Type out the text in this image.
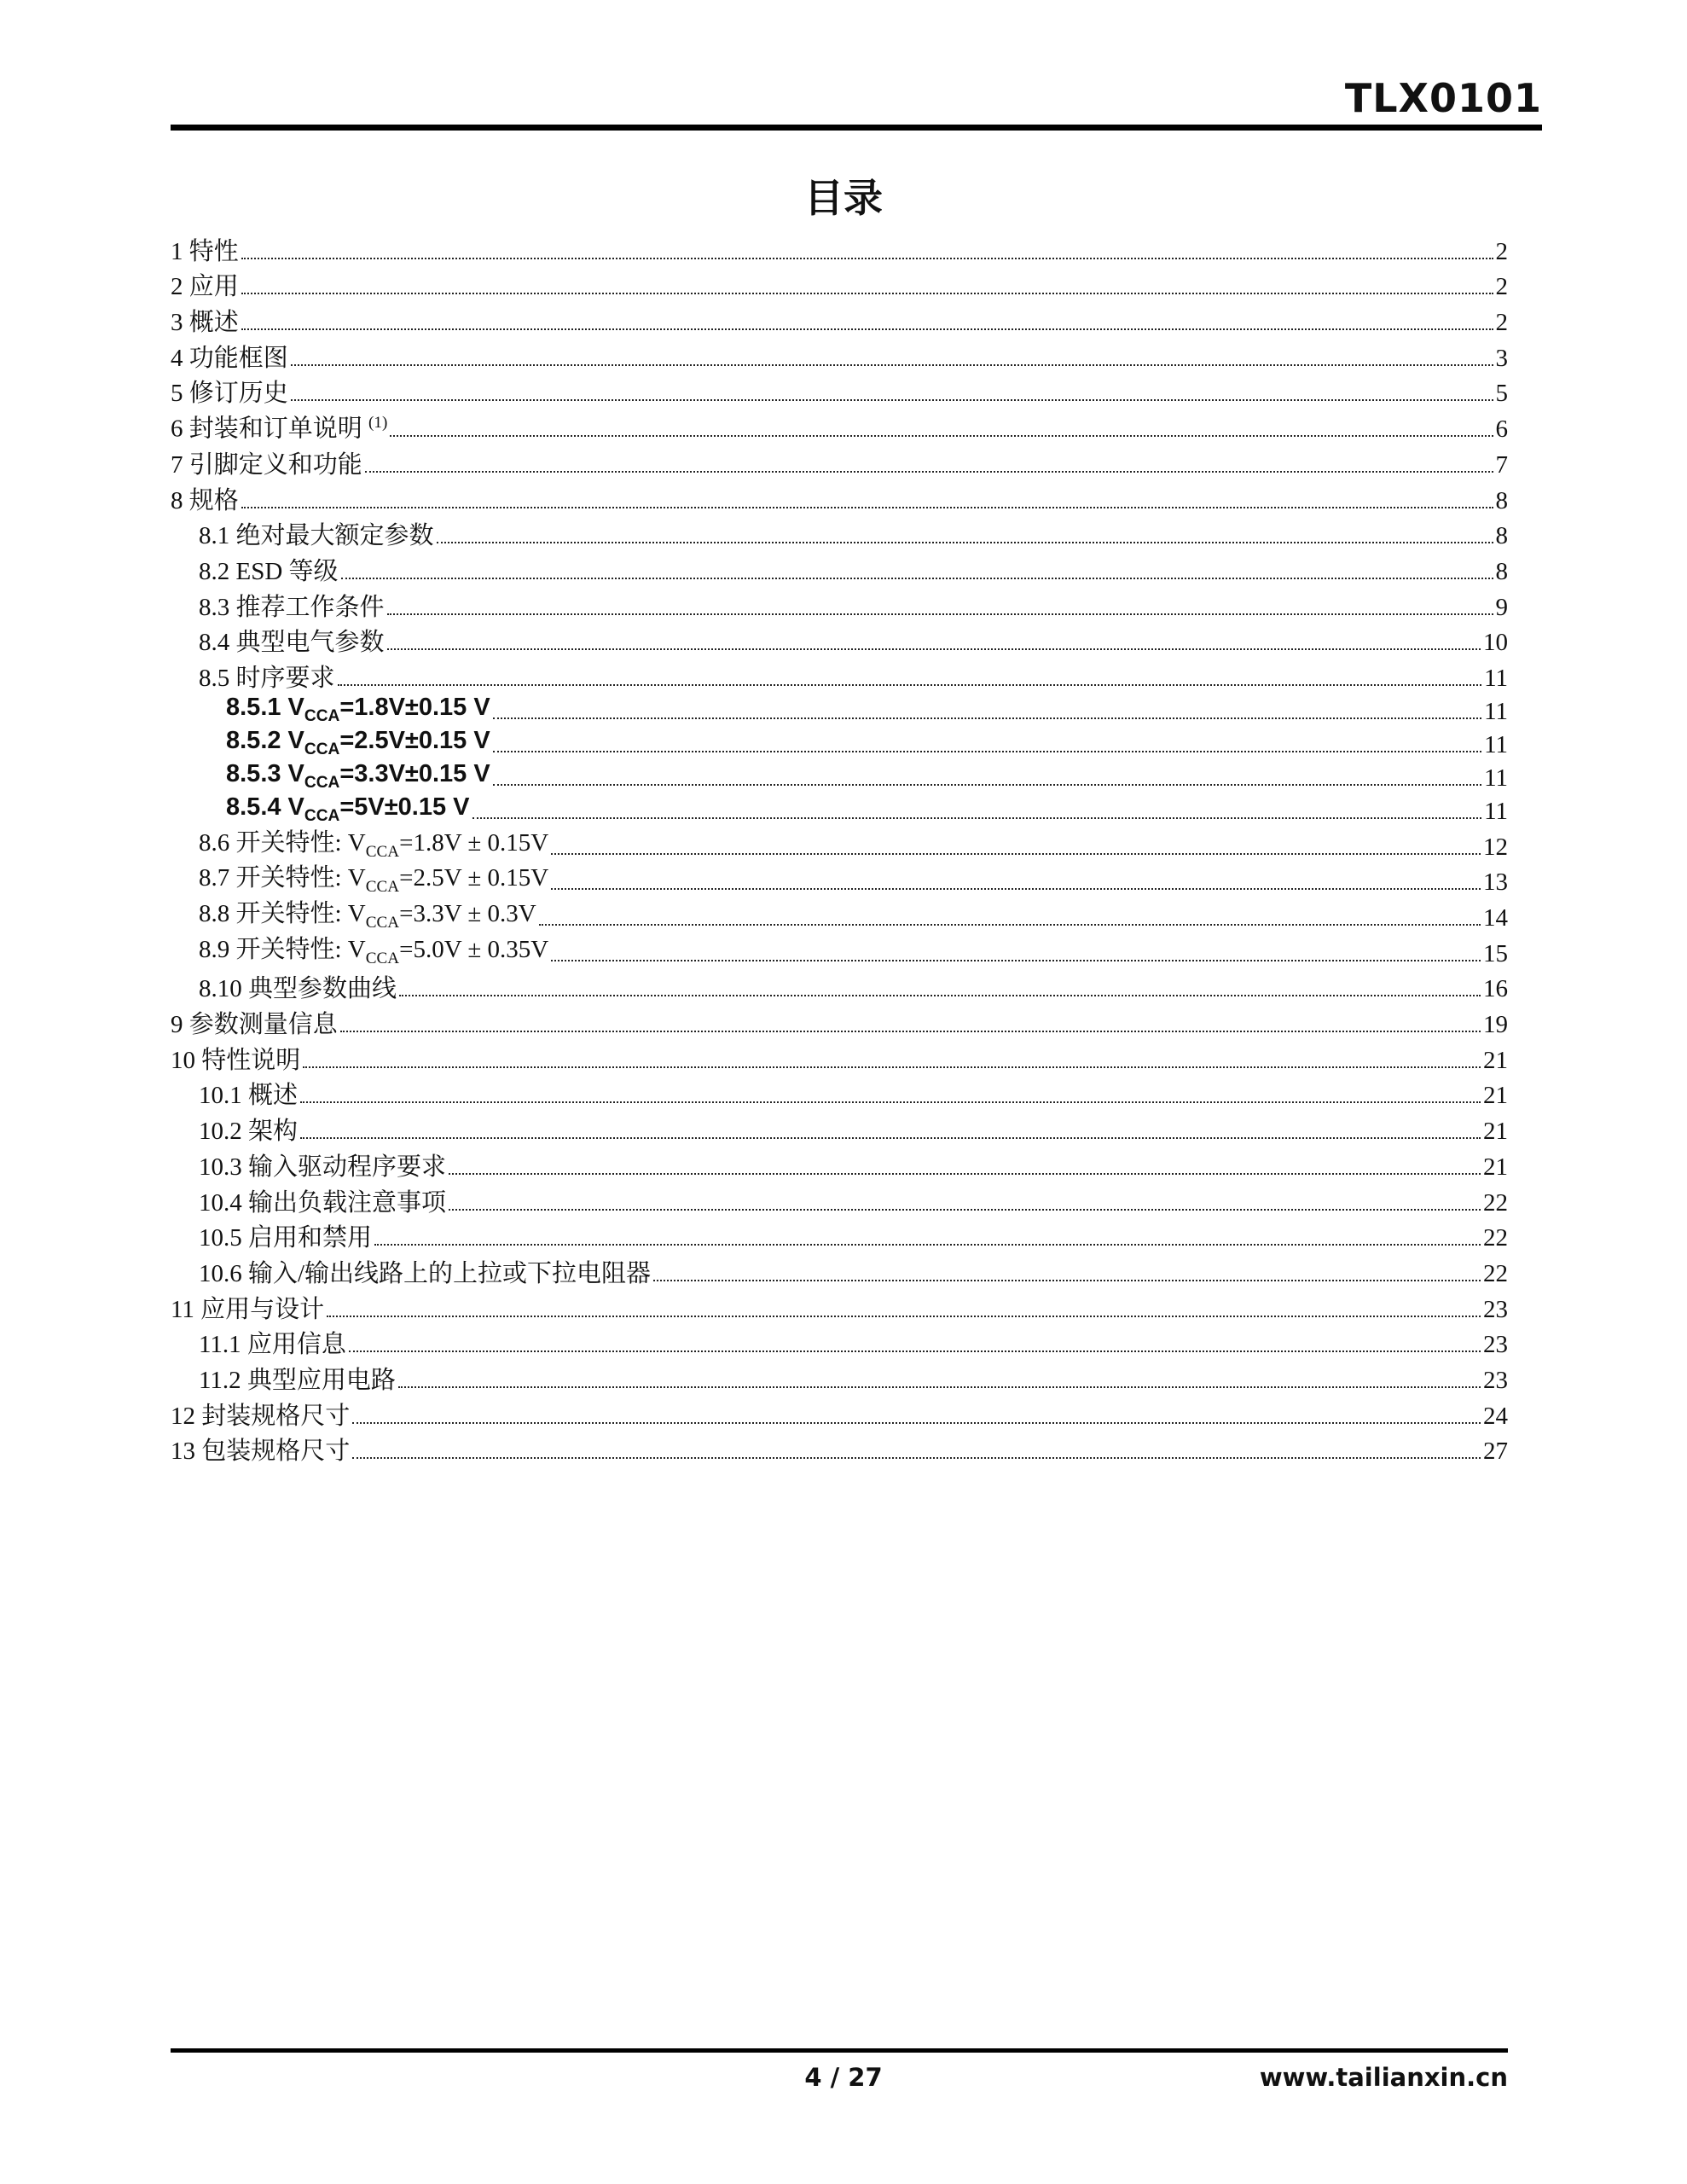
TLX0101
目录
1 特性	2
2 应用	2
3 概述	2
4 功能框图	3
5 修订历史	5
6 封装和订单说明 $^{(1)}$	6
7 引脚定义和功能	7
8 规格	8
8.1 绝对最大额定参数	8
8.2 ESD 等级	8
8.3 推荐工作条件	9
8.4 典型电气参数	10
8.5 时序要求	11
8.5.1 $V_{CCA}=1.8V\pm 0.15$ V	11
8.5.2 $V_{CCA}=2.5V\pm 0.15$ V	11
8.5.3 $V_{CCA}=3.3V\pm 0.15$ V	11
8.5.4 $V_{CCA}=5V\pm 0.15$ V	11
8.6 开关特性: $V_{CCA}=1.8V \pm 0.15V$	12
8.7 开关特性: $V_{CCA}=2.5V \pm 0.15V$	13
8.8 开关特性: $V_{CCA}=3.3V \pm 0.3V$	14
8.9 开关特性: $V_{CCA}=5.0V \pm 0.35V$	15
8.10 典型参数曲线	16
9 参数测量信息	19
10 特性说明	21
10.1 概述	21
10.2 架构	21
10.3 输入驱动程序要求	21
10.4 输出负载注意事项	22
10.5 启用和禁用	22
10.6 输入/输出线路上的上拉或下拉电阻器	22
11 应用与设计	23
11.1 应用信息	23
11.2 典型应用电路	23
12 封装规格尺寸	24
13 包装规格尺寸	27
4 / 27	www.tailianxin.cn
